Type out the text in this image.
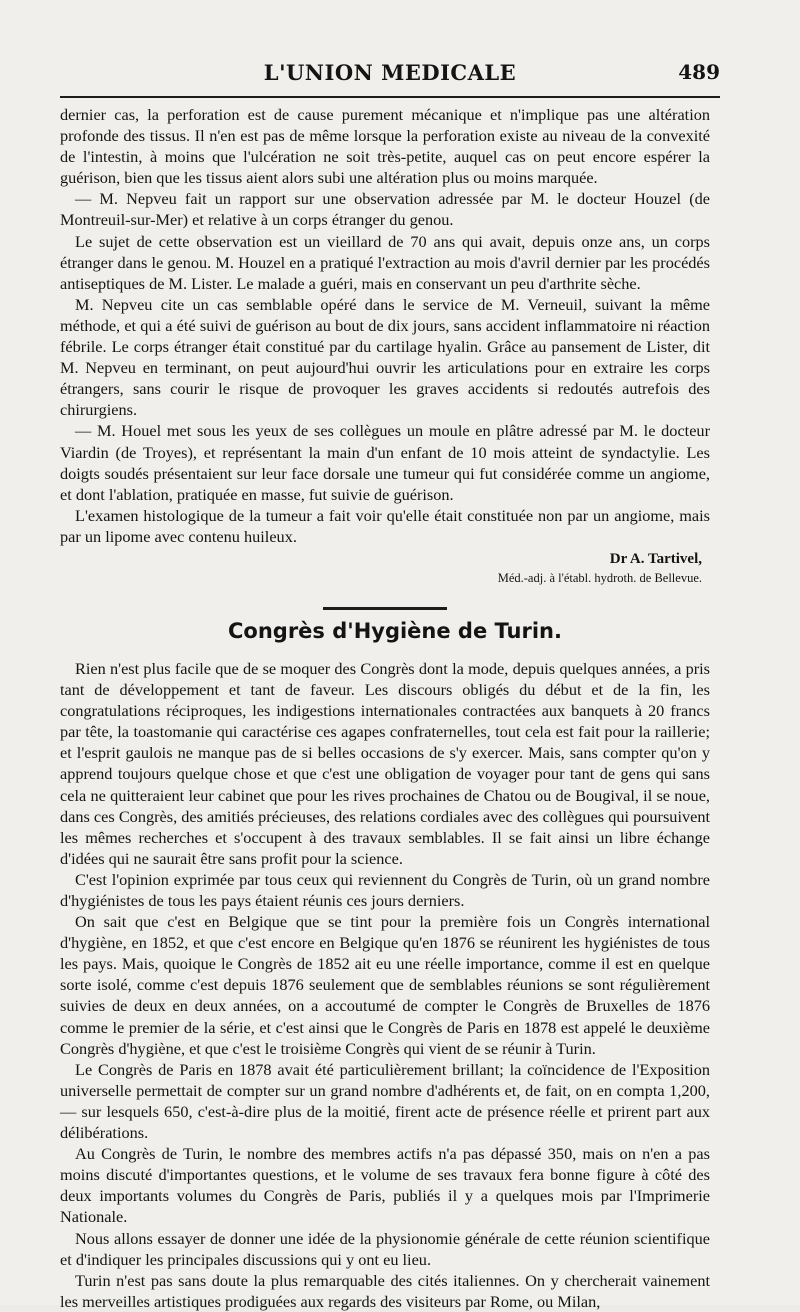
L'UNION MEDICALE	489

dernier cas, la perforation est de cause purement mécanique et n'implique pas une altération profonde des tissus. Il n'en est pas de même lorsque la perforation existe au niveau de la convexité de l'intestin, à moins que l'ulcération ne soit très-petite, auquel cas on peut encore espérer la guérison, bien que les tissus aient alors subi une altération plus ou moins marquée.

— M. Nepveu fait un rapport sur une observation adressée par M. le docteur Houzel (de Montreuil-sur-Mer) et relative à un corps étranger du genou.

Le sujet de cette observation est un vieillard de 70 ans qui avait, depuis onze ans, un corps étranger dans le genou. M. Houzel en a pratiqué l'extraction au mois d'avril dernier par les procédés antiseptiques de M. Lister. Le malade a guéri, mais en conservant un peu d'arthrite sèche.

M. Nepveu cite un cas semblable opéré dans le service de M. Verneuil, suivant la même méthode, et qui a été suivi de guérison au bout de dix jours, sans accident inflammatoire ni réaction fébrile. Le corps étranger était constitué par du cartilage hyalin. Grâce au pansement de Lister, dit M. Nepveu en terminant, on peut aujourd'hui ouvrir les articulations pour en extraire les corps étrangers, sans courir le risque de provoquer les graves accidents si redoutés autrefois des chirurgiens.

— M. Houel met sous les yeux de ses collègues un moule en plâtre adressé par M. le docteur Viardin (de Troyes), et représentant la main d'un enfant de 10 mois atteint de syndactylie. Les doigts soudés présentaient sur leur face dorsale une tumeur qui fut considérée comme un angiome, et dont l'ablation, pratiquée en masse, fut suivie de guérison.

L'examen histologique de la tumeur a fait voir qu'elle était constituée non par un angiome, mais par un lipome avec contenu huileux.

Dr A. Tartivel,
Méd.-adj. à l'établ. hydroth. de Bellevue.
Congrès d'Hygiène de Turin.

Rien n'est plus facile que de se moquer des Congrès dont la mode, depuis quelques années, a pris tant de développement et tant de faveur. Les discours obligés du début et de la fin, les congratulations réciproques, les indigestions internationales contractées aux banquets à 20 francs par tête, la toastomanie qui caractérise ces agapes confraternelles, tout cela est fait pour la raillerie; et l'esprit gaulois ne manque pas de si belles occasions de s'y exercer. Mais, sans compter qu'on y apprend toujours quelque chose et que c'est une obligation de voyager pour tant de gens qui sans cela ne quitteraient leur cabinet que pour les rives prochaines de Chatou ou de Bougival, il se noue, dans ces Congrès, des amitiés précieuses, des relations cordiales avec des collègues qui poursuivent les mêmes recherches et s'occupent à des travaux semblables. Il se fait ainsi un libre échange d'idées qui ne saurait être sans profit pour la science.

C'est l'opinion exprimée par tous ceux qui reviennent du Congrès de Turin, où un grand nombre d'hygiénistes de tous les pays étaient réunis ces jours derniers.

On sait que c'est en Belgique que se tint pour la première fois un Congrès international d'hygiène, en 1852, et que c'est encore en Belgique qu'en 1876 se réunirent les hygiénistes de tous les pays. Mais, quoique le Congrès de 1852 ait eu une réelle importance, comme il est en quelque sorte isolé, comme c'est depuis 1876 seulement que de semblables réunions se sont régulièrement suivies de deux en deux années, on a accoutumé de compter le Congrès de Bruxelles de 1876 comme le premier de la série, et c'est ainsi que le Congrès de Paris en 1878 est appelé le deuxième Congrès d'hygiène, et que c'est le troisième Congrès qui vient de se réunir à Turin.

Le Congrès de Paris en 1878 avait été particulièrement brillant; la coïncidence de l'Exposition universelle permettait de compter sur un grand nombre d'adhérents et, de fait, on en compta 1,200, — sur lesquels 650, c'est-à-dire plus de la moitié, firent acte de présence réelle et prirent part aux délibérations.

Au Congrès de Turin, le nombre des membres actifs n'a pas dépassé 350, mais on n'en a pas moins discuté d'importantes questions, et le volume de ses travaux fera bonne figure à côté des deux importants volumes du Congrès de Paris, publiés il y a quelques mois par l'Imprimerie Nationale.

Nous allons essayer de donner une idée de la physionomie générale de cette réunion scientifique et d'indiquer les principales discussions qui y ont eu lieu.

Turin n'est pas sans doute la plus remarquable des cités italiennes. On y chercherait vainement les merveilles artistiques prodiguées aux regards des visiteurs par Rome, ou Milan,
